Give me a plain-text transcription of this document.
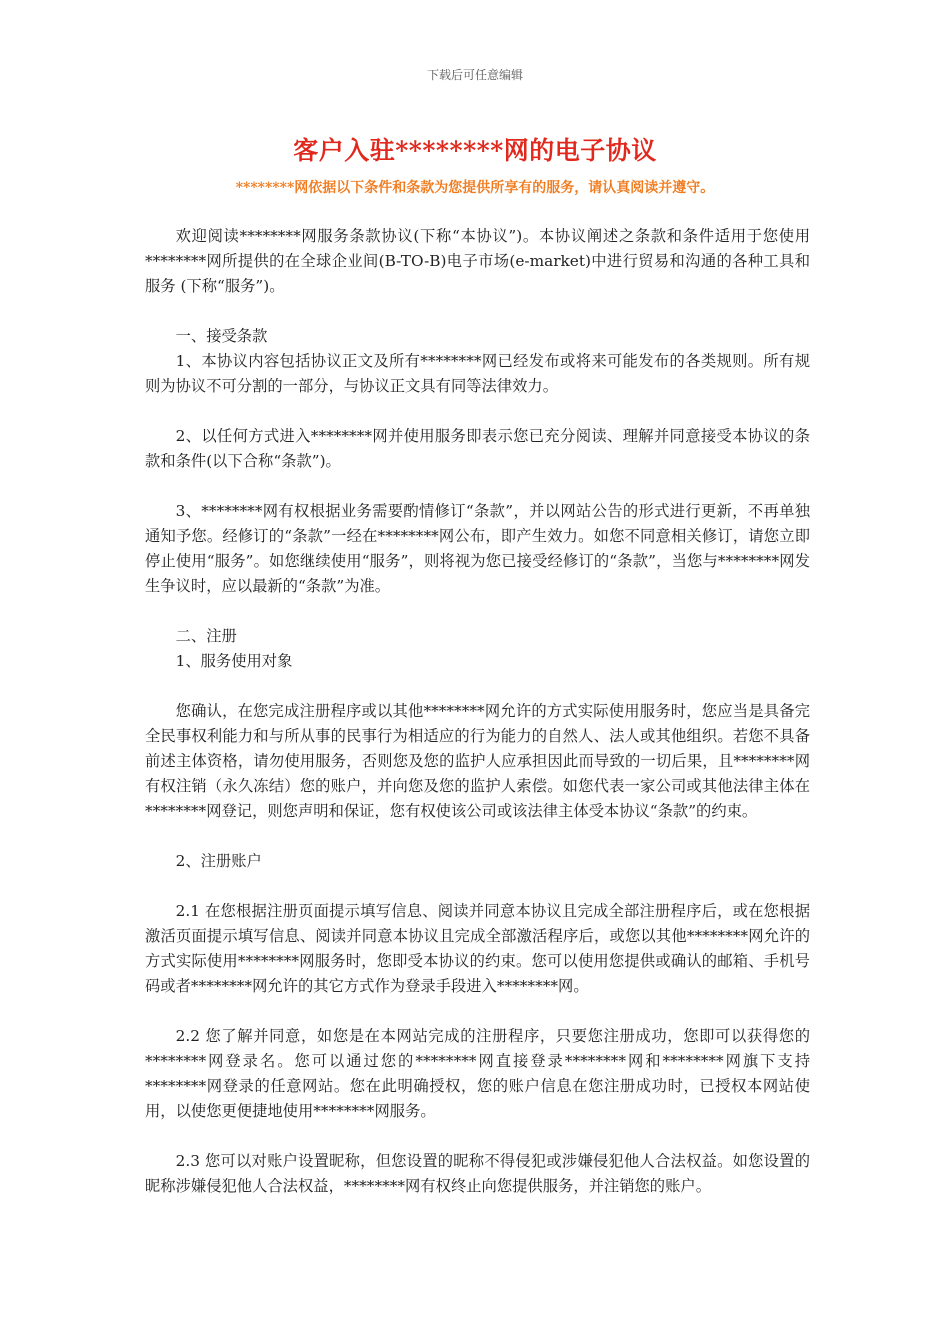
下载后可任意编辑
客户入驻********网的电子协议
********网依据以下条件和条款为您提供所享有的服务，请认真阅读并遵守。

欢迎阅读********网服务条款协议(下称“本协议”)。本协议阐述之条款和条件适用于您使用********网所提供的在全球企业间(B-TO-B)电子市场(e-market)中进行贸易和沟通的各种工具和服务 (下称“服务”)。

一、接受条款

1、本协议内容包括协议正文及所有********网已经发布或将来可能发布的各类规则。所有规则为协议不可分割的一部分，与协议正文具有同等法律效力。

2、以任何方式进入********网并使用服务即表示您已充分阅读、理解并同意接受本协议的条款和条件(以下合称“条款”)。

3、********网有权根据业务需要酌情修订“条款”，并以网站公告的形式进行更新，不再单独通知予您。经修订的“条款”一经在********网公布，即产生效力。如您不同意相关修订，请您立即停止使用“服务”。如您继续使用“服务”，则将视为您已接受经修订的“条款”，当您与********网发生争议时，应以最新的“条款”为准。

二、注册

1、服务使用对象

您确认，在您完成注册程序或以其他********网允许的方式实际使用服务时，您应当是具备完全民事权利能力和与所从事的民事行为相适应的行为能力的自然人、法人或其他组织。若您不具备前述主体资格，请勿使用服务，否则您及您的监护人应承担因此而导致的一切后果，且********网有权注销（永久冻结）您的账户，并向您及您的监护人索偿。如您代表一家公司或其他法律主体在********网登记，则您声明和保证，您有权使该公司或该法律主体受本协议“条款”的约束。

2、注册账户

2.1 在您根据注册页面提示填写信息、阅读并同意本协议且完成全部注册程序后，或在您根据激活页面提示填写信息、阅读并同意本协议且完成全部激活程序后，或您以其他********网允许的方式实际使用********网服务时，您即受本协议的约束。您可以使用您提供或确认的邮箱、手机号码或者********网允许的其它方式作为登录手段进入********网。

2.2 您了解并同意，如您是在本网站完成的注册程序，只要您注册成功，您即可以获得您的********网登录名。您可以通过您的********网直接登录********网和********网旗下支持********网登录的任意网站。您在此明确授权，您的账户信息在您注册成功时，已授权本网站使用，以使您更便捷地使用********网服务。

2.3 您可以对账户设置昵称，但您设置的昵称不得侵犯或涉嫌侵犯他人合法权益。如您设置的昵称涉嫌侵犯他人合法权益，********网有权终止向您提供服务，并注销您的账户。
